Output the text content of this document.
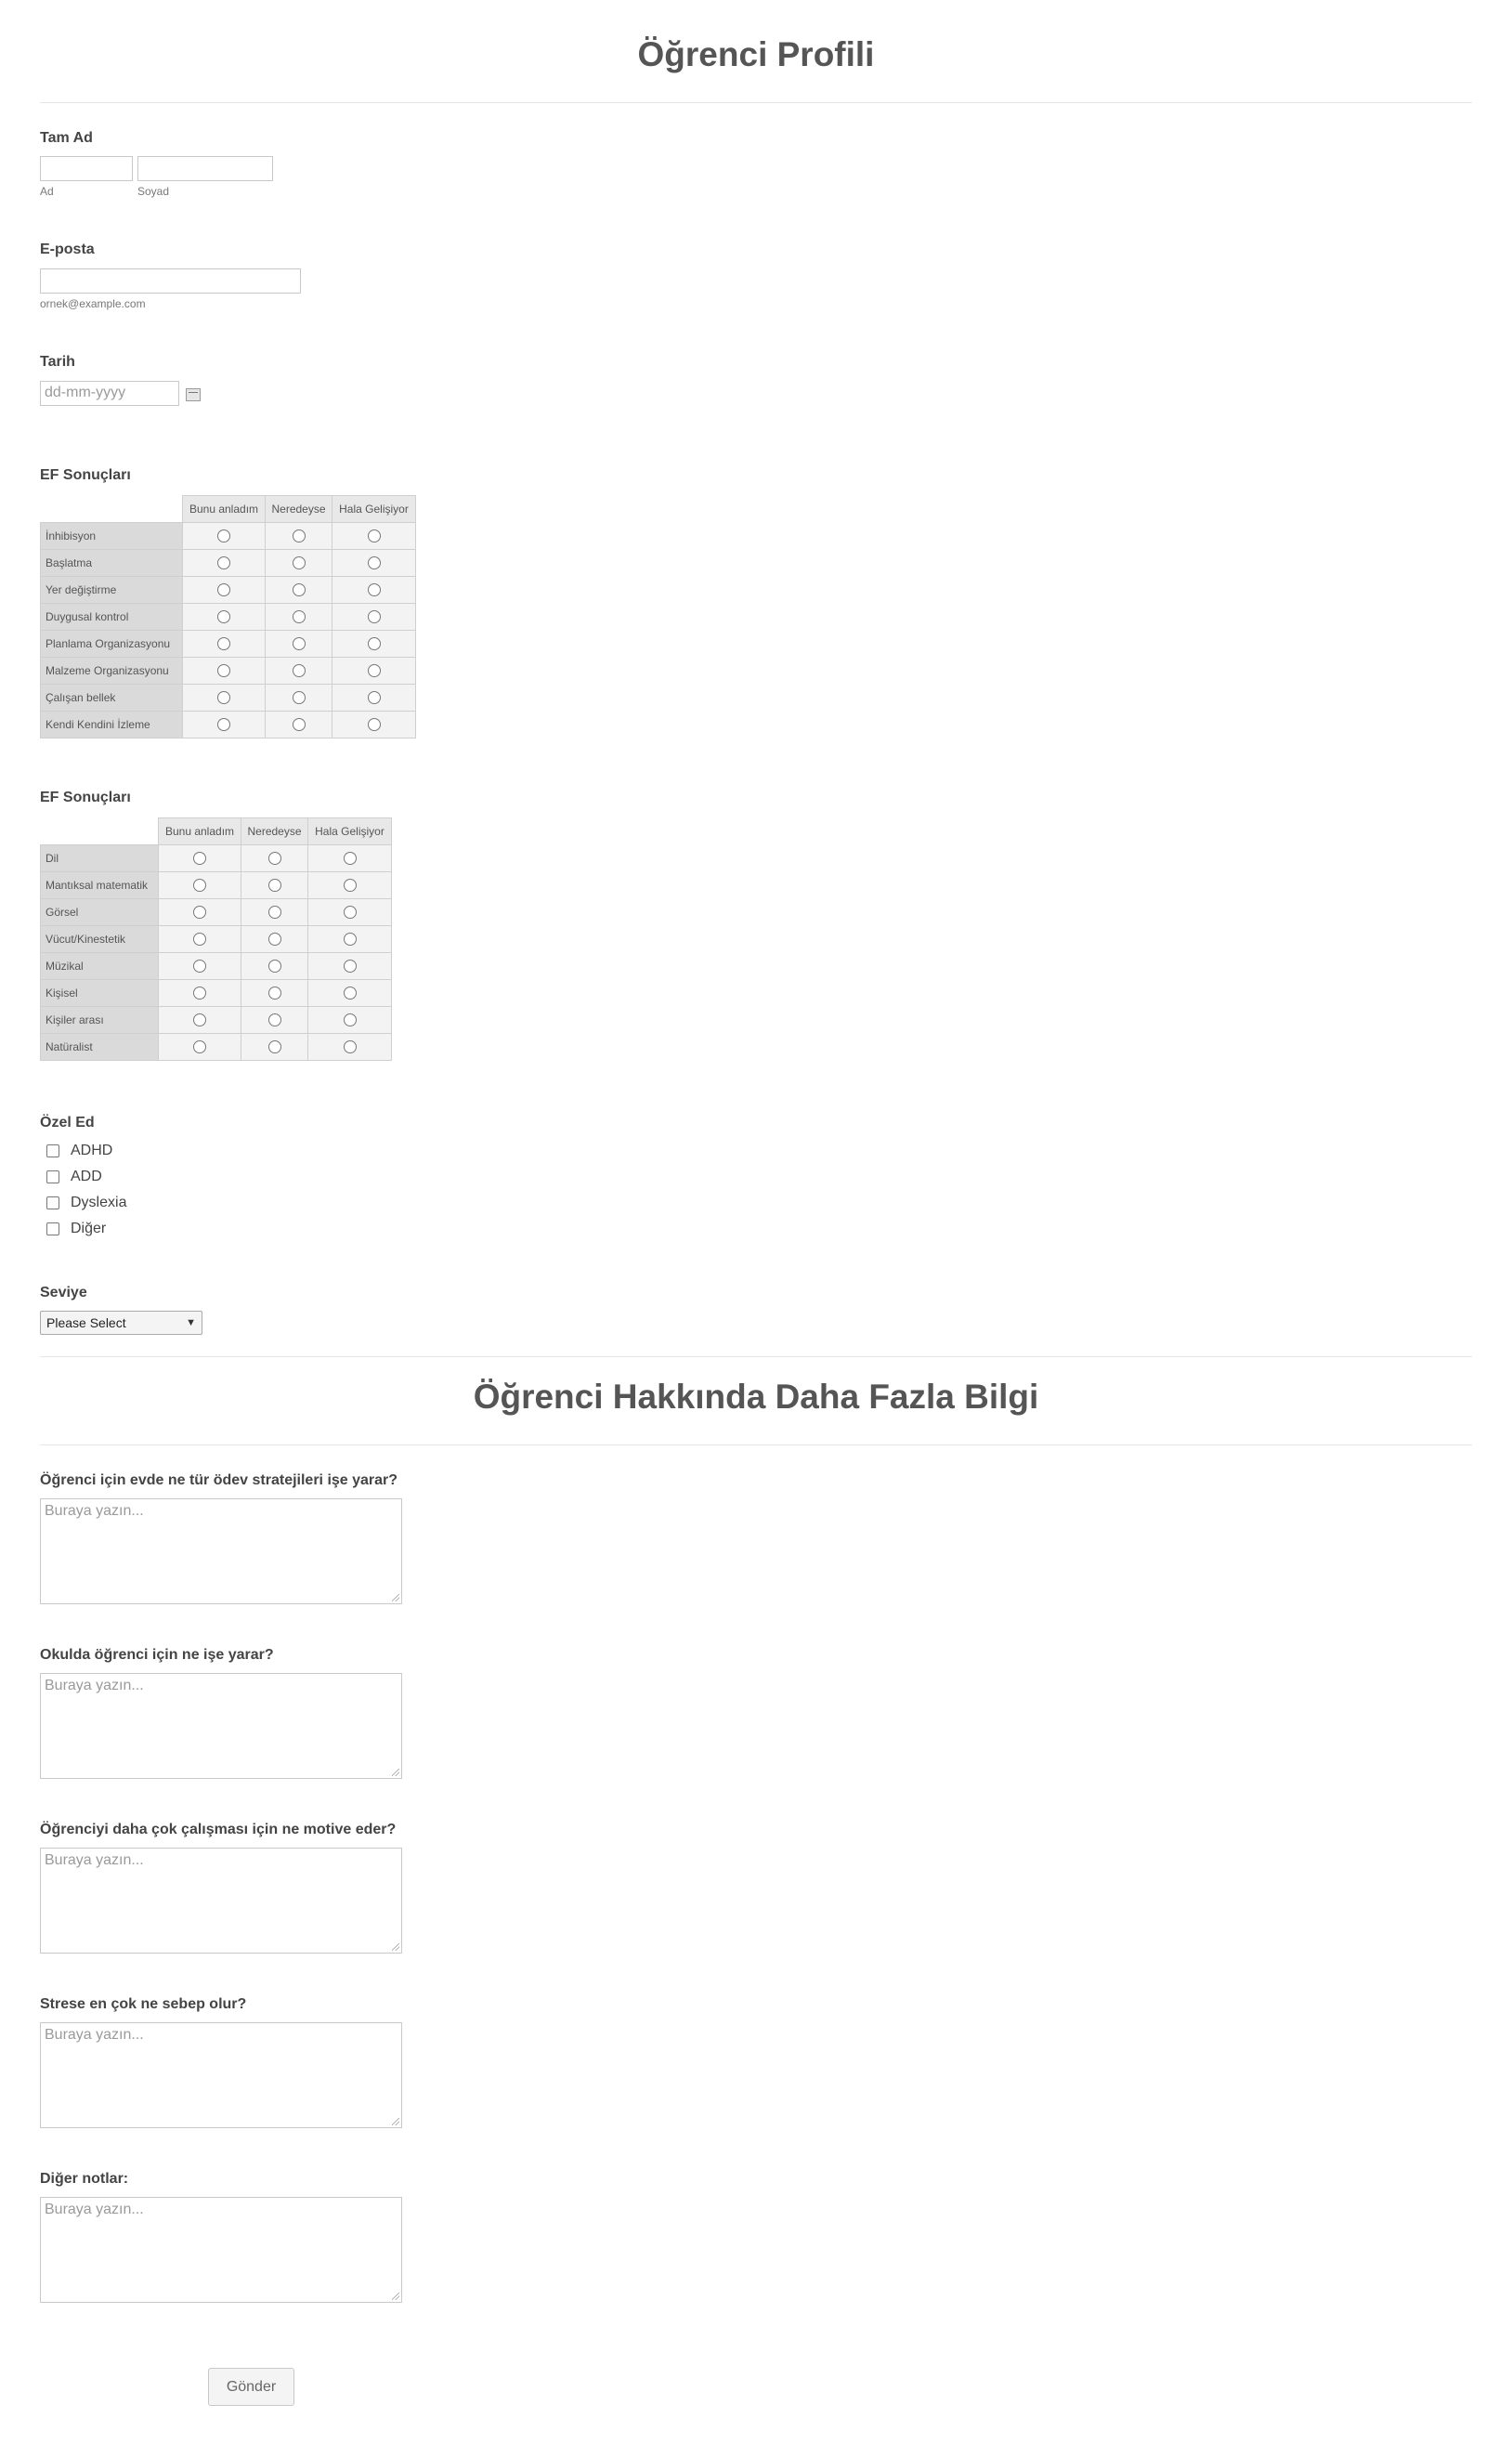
Öğrenci Profili
Tam Ad
Ad	Soyad
E-posta
ornek@example.com
Tarih
dd-mm-yyyy
EF Sonuçları
	Bunu anladım	Neredeyse	Hala Gelişiyor
İnhibisyon			
Başlatma			
Yer değiştirme			
Duygusal kontrol			
Planlama Organizasyonu			
Malzeme Organizasyonu			
Çalışan bellek			
Kendi Kendini İzleme			
EF Sonuçları
	Bunu anladım	Neredeyse	Hala Gelişiyor
Dil			
Mantıksal matematik			
Görsel			
Vücut/Kinestetik			
Müzikal			
Kişisel			
Kişiler arası			
Natüralist			
Özel Ed
ADHD
ADD
Dyslexia
Diğer
Seviye
Please Select	▼
Öğrenci Hakkında Daha Fazla Bilgi
Öğrenci için evde ne tür ödev stratejileri işe yarar?
Buraya yazın...
Okulda öğrenci için ne işe yarar?
Buraya yazın...
Öğrenciyi daha çok çalışması için ne motive eder?
Buraya yazın...
Strese en çok ne sebep olur?
Buraya yazın...
Diğer notlar:
Buraya yazın...
Gönder
